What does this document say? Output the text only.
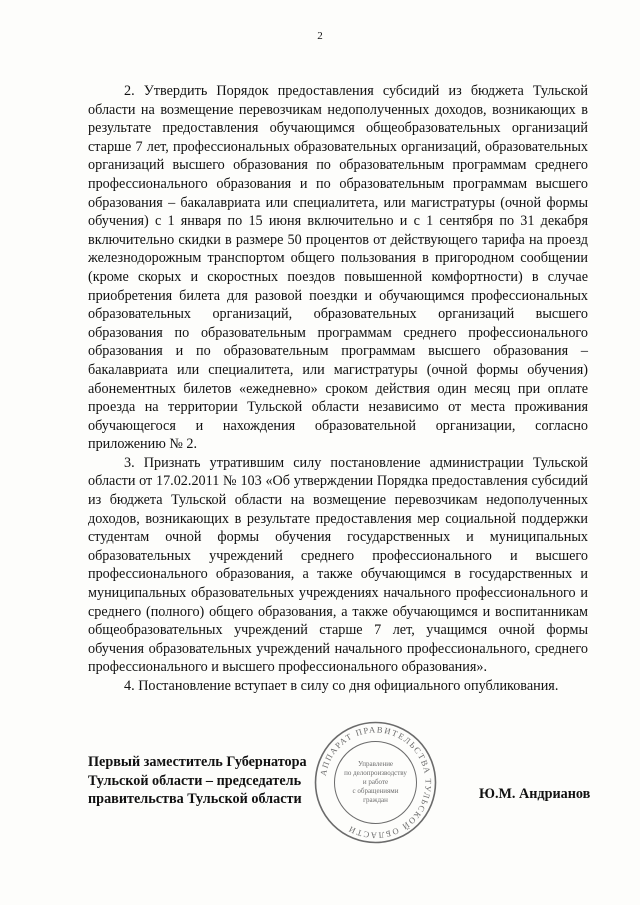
2

2. Утвердить Порядок предоставления субсидий из бюджета Тульской области на возмещение перевозчикам недополученных доходов, возникающих в результате предоставления обучающимся общеобразовательных организаций старше 7 лет, профессиональных образовательных организаций, образовательных организаций высшего образования по образовательным программам среднего профессионального образования и по образовательным программам высшего образования – бакалавриата или специалитета, или магистратуры (очной формы обучения) с 1 января по 15 июня включительно и с 1 сентября по 31 декабря включительно скидки в размере 50 процентов от действующего тарифа на проезд железнодорожным транспортом общего пользования в пригородном сообщении (кроме скорых и скоростных поездов повышенной комфортности) в случае приобретения билета для разовой поездки и обучающимся профессиональных образовательных организаций, образовательных организаций высшего образования по образовательным программам среднего профессионального образования и по образовательным программам высшего образования – бакалавриата или специалитета, или магистратуры (очной формы обучения) абонементных билетов «ежедневно» сроком действия один месяц при оплате проезда на территории Тульской области независимо от места проживания обучающегося и нахождения образовательной организации, согласно приложению № 2.

3. Признать утратившим силу постановление администрации Тульской области от 17.02.2011 № 103 «Об утверждении Порядка предоставления субсидий из бюджета Тульской области на возмещение перевозчикам недополученных доходов, возникающих в результате предоставления мер социальной поддержки студентам очной формы обучения государственных и муниципальных образовательных учреждений среднего профессионального и высшего профессионального образования, а также обучающимся в государственных и муниципальных образовательных учреждениях начального профессионального и среднего (полного) общего образования, а также обучающимся и воспитанникам общеобразовательных учреждений старше 7 лет, учащимся очной формы обучения образовательных учреждений начального профессионального, среднего профессионального и высшего профессионального образования».

4. Постановление вступает в силу со дня официального опубликования.

Первый заместитель Губернатора
Тульской области – председатель
правительства Тульской области
АППАРАТ ПРАВИТЕЛЬСТВА ТУЛЬСКОЙ ОБЛАСТИ
Управление
по делопроизводству
и работе
с обращениями
граждан	Ю.М. Андрианов
